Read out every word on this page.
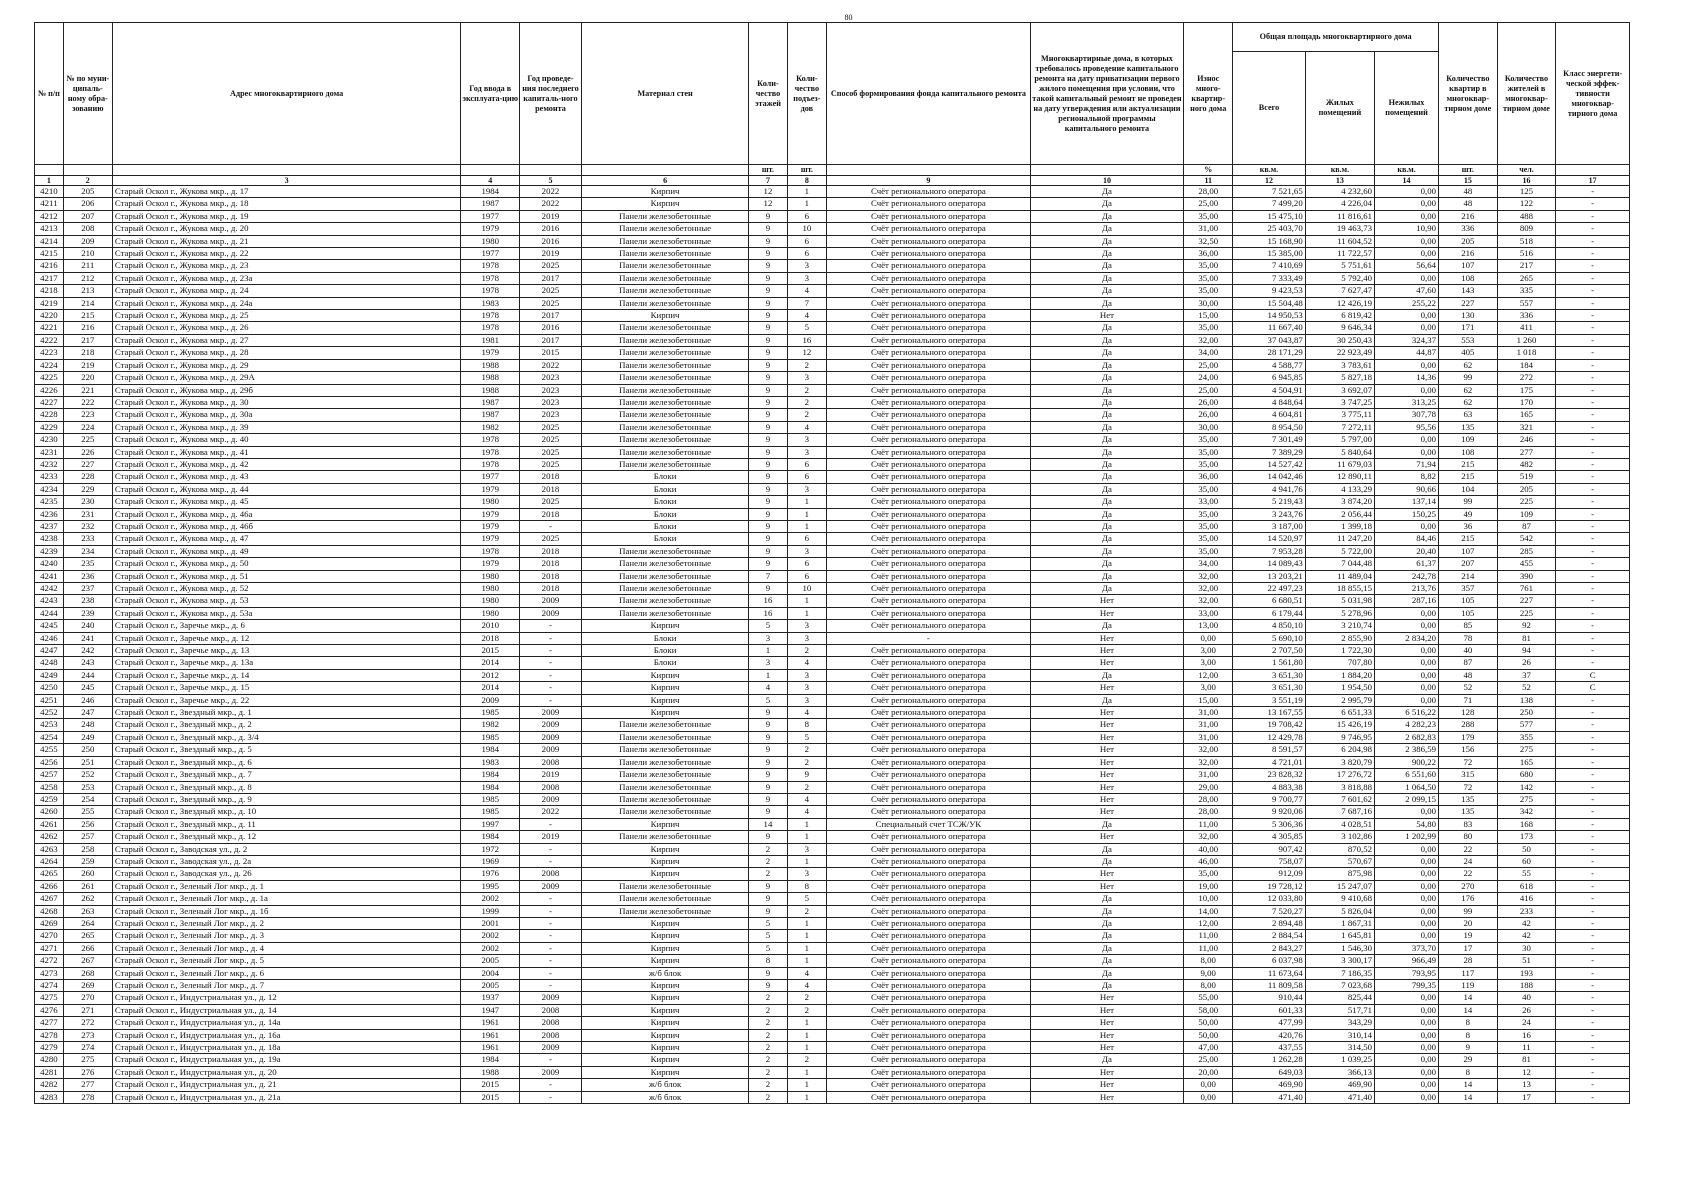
80
№ п/п	№ по муни-ципаль-ному обра-зованию	Адрес многоквартирного дома	Год ввода в эксплуата-цию	Год проведе-ния последнего капиталь-ного ремонта	Материал стен	Коли-чество этажей	Коли-чество подъез-дов	Способ формирования фонда капитального ремонта	Многоквартирные дома, в которых требовалось проведение капитального ремонта на дату приватизации первого жилого помещения при условии, что такой капитальный ремонт не проведен на дату утверждения или актуализации региональной программы капитального ремонта	Износ много-квартир-ного дома	Общая площадь многоквартирного дома			Количество квартир в многоквар-тирном доме	Количество жителей в многоквар-тирном доме	Класс энергети-ческой эффек-тивности многоквар-тирного дома
											Всего	Жилых помещений	Нежилых помещений			
						шт.	шт.			%	кв.м.	кв.м.	кв.м.	шт.	чел.	
1	2	3	4	5	6	7	8	9	10	11	12	13	14	15	16	17
4210	205	Старый Оскол г., Жукова мкр., д. 17	1984	2022	Кирпич	12	1	Счёт регионального оператора	Да	28,00	7 521,65	4 232,60	0,00	48	125	-
4211	206	Старый Оскол г., Жукова мкр., д. 18	1987	2022	Кирпич	12	1	Счёт регионального оператора	Да	25,00	7 499,20	4 226,04	0,00	48	122	-
4212	207	Старый Оскол г., Жукова мкр., д. 19	1977	2019	Панели железобетонные	9	6	Счёт регионального оператора	Да	35,00	15 475,10	11 816,61	0,00	216	488	-
4213	208	Старый Оскол г., Жукова мкр., д. 20	1979	2016	Панели железобетонные	9	10	Счёт регионального оператора	Да	31,00	25 403,70	19 463,73	10,90	336	809	-
4214	209	Старый Оскол г., Жукова мкр., д. 21	1980	2016	Панели железобетонные	9	6	Счёт регионального оператора	Да	32,50	15 168,90	11 604,52	0,00	205	518	-
4215	210	Старый Оскол г., Жукова мкр., д. 22	1977	2019	Панели железобетонные	9	6	Счёт регионального оператора	Да	36,00	15 385,00	11 722,57	0,00	216	516	-
4216	211	Старый Оскол г., Жукова мкр., д. 23	1978	2025	Панели железобетонные	9	3	Счёт регионального оператора	Да	35,00	7 410,69	5 751,61	56,64	107	217	-
4217	212	Старый Оскол г., Жукова мкр., д. 23а	1978	2017	Панели железобетонные	9	3	Счёт регионального оператора	Да	35,00	7 333,49	5 792,40	0,00	108	265	-
4218	213	Старый Оскол г., Жукова мкр., д. 24	1978	2025	Панели железобетонные	9	4	Счёт регионального оператора	Да	35,00	9 423,53	7 627,47	47,60	143	335	-
4219	214	Старый Оскол г., Жукова мкр., д. 24а	1983	2025	Панели железобетонные	9	7	Счёт регионального оператора	Да	30,00	15 504,48	12 426,19	255,22	227	557	-
4220	215	Старый Оскол г., Жукова мкр., д. 25	1978	2017	Кирпич	9	4	Счёт регионального оператора	Нет	15,00	14 950,53	6 819,42	0,00	130	336	-
4221	216	Старый Оскол г., Жукова мкр., д. 26	1978	2016	Панели железобетонные	9	5	Счёт регионального оператора	Да	35,00	11 667,40	9 646,34	0,00	171	411	-
4222	217	Старый Оскол г., Жукова мкр., д. 27	1981	2017	Панели железобетонные	9	16	Счёт регионального оператора	Да	32,00	37 043,87	30 250,43	324,37	553	1 260	-
4223	218	Старый Оскол г., Жукова мкр., д. 28	1979	2015	Панели железобетонные	9	12	Счёт регионального оператора	Да	34,00	28 171,29	22 923,49	44,87	405	1 018	-
4224	219	Старый Оскол г., Жукова мкр., д. 29	1988	2022	Панели железобетонные	9	2	Счёт регионального оператора	Да	25,00	4 588,77	3 783,61	0,00	62	184	-
4225	220	Старый Оскол г., Жукова мкр., д. 29А	1988	2023	Панели железобетонные	9	3	Счёт регионального оператора	Да	24,00	6 945,85	5 827,18	14,36	99	272	-
4226	221	Старый Оскол г., Жукова мкр., д. 29б	1988	2023	Панели железобетонные	9	2	Счёт регионального оператора	Да	25,00	4 504,91	3 692,07	0,00	62	175	-
4227	222	Старый Оскол г., Жукова мкр., д. 30	1987	2023	Панели железобетонные	9	2	Счёт регионального оператора	Да	26,00	4 848,64	3 747,25	313,25	62	170	-
4228	223	Старый Оскол г., Жукова мкр., д. 30а	1987	2023	Панели железобетонные	9	2	Счёт регионального оператора	Да	26,00	4 604,81	3 775,11	307,78	63	165	-
4229	224	Старый Оскол г., Жукова мкр., д. 39	1982	2025	Панели железобетонные	9	4	Счёт регионального оператора	Да	30,00	8 954,50	7 272,11	95,56	135	321	-
4230	225	Старый Оскол г., Жукова мкр., д. 40	1978	2025	Панели железобетонные	9	3	Счёт регионального оператора	Да	35,00	7 301,49	5 797,00	0,00	109	246	-
4231	226	Старый Оскол г., Жукова мкр., д. 41	1978	2025	Панели железобетонные	9	3	Счёт регионального оператора	Да	35,00	7 389,29	5 840,64	0,00	108	277	-
4232	227	Старый Оскол г., Жукова мкр., д. 42	1978	2025	Панели железобетонные	9	6	Счёт регионального оператора	Да	35,00	14 527,42	11 679,03	71,94	215	482	-
4233	228	Старый Оскол г., Жукова мкр., д. 43	1977	2018	Блоки	9	6	Счёт регионального оператора	Да	36,00	14 042,46	12 890,11	8,82	215	519	-
4234	229	Старый Оскол г., Жукова мкр., д. 44	1979	2018	Блоки	9	3	Счёт регионального оператора	Да	35,00	4 941,76	4 133,29	90,66	104	205	-
4235	230	Старый Оскол г., Жукова мкр., д. 45	1980	2025	Блоки	9	1	Счёт регионального оператора	Да	33,00	5 219,43	3 874,20	137,14	99	225	-
4236	231	Старый Оскол г., Жукова мкр., д. 46а	1979	2018	Блоки	9	1	Счёт регионального оператора	Да	35,00	3 243,76	2 056,44	150,25	49	109	-
4237	232	Старый Оскол г., Жукова мкр., д. 46б	1979	-	Блоки	9	1	Счёт регионального оператора	Да	35,00	3 187,00	1 399,18	0,00	36	87	-
4238	233	Старый Оскол г., Жукова мкр., д. 47	1979	2025	Блоки	9	6	Счёт регионального оператора	Да	35,00	14 520,97	11 247,20	84,46	215	542	-
4239	234	Старый Оскол г., Жукова мкр., д. 49	1978	2018	Панели железобетонные	9	3	Счёт регионального оператора	Да	35,00	7 953,28	5 722,00	20,40	107	285	-
4240	235	Старый Оскол г., Жукова мкр., д. 50	1979	2018	Панели железобетонные	9	6	Счёт регионального оператора	Да	34,00	14 089,43	7 044,48	61,37	207	455	-
4241	236	Старый Оскол г., Жукова мкр., д. 51	1980	2018	Панели железобетонные	7	6	Счёт регионального оператора	Да	32,00	13 203,21	11 489,04	242,78	214	390	-
4242	237	Старый Оскол г., Жукова мкр., д. 52	1980	2018	Панели железобетонные	9	10	Счёт регионального оператора	Да	32,00	22 497,23	18 855,15	213,76	357	761	-
4243	238	Старый Оскол г., Жукова мкр., д. 53	1980	2009	Панели железобетонные	16	1	Счёт регионального оператора	Нет	32,00	6 680,51	5 031,98	287,16	105	227	-
4244	239	Старый Оскол г., Жукова мкр., д. 53а	1980	2009	Панели железобетонные	16	1	Счёт регионального оператора	Нет	33,00	6 179,44	5 278,96	0,00	105	225	-
4245	240	Старый Оскол г., Заречье мкр., д. 6	2010	-	Кирпич	5	3	Счёт регионального оператора	Да	13,00	4 850,10	3 210,74	0,00	85	92	-
4246	241	Старый Оскол г., Заречье мкр., д. 12	2018	-	Блоки	3	3	-	Нет	0,00	5 690,10	2 855,90	2 834,20	78	81	-
4247	242	Старый Оскол г., Заречье мкр., д. 13	2015	-	Блоки	1	2	Счёт регионального оператора	Нет	3,00	2 707,50	1 722,30	0,00	40	94	-
4248	243	Старый Оскол г., Заречье мкр., д. 13а	2014	-	Блоки	3	4	Счёт регионального оператора	Нет	3,00	1 561,80	707,80	0,00	87	26	-
4249	244	Старый Оскол г., Заречье мкр., д. 14	2012	-	Кирпич	1	3	Счёт регионального оператора	Да	12,00	3 651,30	1 884,20	0,00	48	37	C
4250	245	Старый Оскол г., Заречье мкр., д. 15	2014	-	Кирпич	4	3	Счёт регионального оператора	Нет	3,00	3 651,30	1 954,50	0,00	52	52	C
4251	246	Старый Оскол г., Заречье мкр., д. 22	2009	-	Кирпич	5	3	Счёт регионального оператора	Да	15,00	3 551,19	2 995,79	0,00	71	138	-
4252	247	Старый Оскол г., Звездный мкр., д. 1	1985	2009	Кирпич	9	4	Счёт регионального оператора	Нет	31,00	13 167,55	6 651,33	6 516,22	128	250	-
4253	248	Старый Оскол г., Звездный мкр., д. 2	1982	2009	Панели железобетонные	9	8	Счёт регионального оператора	Нет	31,00	19 708,42	15 426,19	4 282,23	288	577	-
4254	249	Старый Оскол г., Звездный мкр., д. 3/4	1985	2009	Панели железобетонные	9	5	Счёт регионального оператора	Нет	31,00	12 429,78	9 746,95	2 682,83	179	355	-
4255	250	Старый Оскол г., Звездный мкр., д. 5	1984	2009	Панели железобетонные	9	2	Счёт регионального оператора	Нет	32,00	8 591,57	6 204,98	2 386,59	156	275	-
4256	251	Старый Оскол г., Звездный мкр., д. 6	1983	2008	Панели железобетонные	9	2	Счёт регионального оператора	Нет	32,00	4 721,01	3 820,79	900,22	72	165	-
4257	252	Старый Оскол г., Звездный мкр., д. 7	1984	2019	Панели железобетонные	9	9	Счёт регионального оператора	Нет	31,00	23 828,32	17 276,72	6 551,60	315	680	-
4258	253	Старый Оскол г., Звездный мкр., д. 8	1984	2008	Панели железобетонные	9	2	Счёт регионального оператора	Нет	29,00	4 883,38	3 818,88	1 064,50	72	142	-
4259	254	Старый Оскол г., Звездный мкр., д. 9	1985	2009	Панели железобетонные	9	4	Счёт регионального оператора	Нет	28,00	9 700,77	7 601,62	2 099,15	135	275	-
4260	255	Старый Оскол г., Звездный мкр., д. 10	1985	2022	Панели железобетонные	9	4	Счёт регионального оператора	Нет	28,00	9 920,06	7 687,16	0,00	135	342	-
4261	256	Старый Оскол г., Звездный мкр., д. 11	1997	-	Кирпич	14	1	Специальный счет ТСЖ/УК	Да	11,00	5 306,36	4 028,51	54,80	83	168	-
4262	257	Старый Оскол г., Звездный мкр., д. 12	1984	2019	Панели железобетонные	9	1	Счёт регионального оператора	Нет	32,00	4 305,85	3 102,86	1 202,99	80	173	-
4263	258	Старый Оскол г., Заводская ул., д. 2	1972	-	Кирпич	2	3	Счёт регионального оператора	Да	40,00	907,42	870,52	0,00	22	50	-
4264	259	Старый Оскол г., Заводская ул., д. 2а	1969	-	Кирпич	2	1	Счёт регионального оператора	Да	46,00	758,07	570,67	0,00	24	60	-
4265	260	Старый Оскол г., Заводская ул., д. 26	1976	2008	Кирпич	2	3	Счёт регионального оператора	Нет	35,00	912,09	875,98	0,00	22	55	-
4266	261	Старый Оскол г., Зеленый Лог мкр., д. 1	1995	2009	Панели железобетонные	9	8	Счёт регионального оператора	Нет	19,00	19 728,12	15 247,07	0,00	270	618	-
4267	262	Старый Оскол г., Зеленый Лог мкр., д. 1а	2002	-	Панели железобетонные	9	5	Счёт регионального оператора	Да	10,00	12 033,80	9 410,68	0,00	176	416	-
4268	263	Старый Оскол г., Зеленый Лог мкр., д. 1б	1999	-	Панели железобетонные	9	2	Счёт регионального оператора	Да	14,00	7 520,27	5 826,04	0,00	99	233	-
4269	264	Старый Оскол г., Зеленый Лог мкр., д. 2	2001	-	Кирпич	5	1	Счёт регионального оператора	Да	12,00	2 894,48	1 867,31	0,00	20	42	-
4270	265	Старый Оскол г., Зеленый Лог мкр., д. 3	2002	-	Кирпич	5	1	Счёт регионального оператора	Да	11,00	2 884,54	1 645,81	0,00	19	42	-
4271	266	Старый Оскол г., Зеленый Лог мкр., д. 4	2002	-	Кирпич	5	1	Счёт регионального оператора	Да	11,00	2 843,27	1 546,30	373,70	17	30	-
4272	267	Старый Оскол г., Зеленый Лог мкр., д. 5	2005	-	Кирпич	8	1	Счёт регионального оператора	Да	8,00	6 037,98	3 300,17	966,49	28	51	-
4273	268	Старый Оскол г., Зеленый Лог мкр., д. 6	2004	-	ж/б блок	9	4	Счёт регионального оператора	Да	9,00	11 673,64	7 186,35	793,95	117	193	-
4274	269	Старый Оскол г., Зеленый Лог мкр., д. 7	2005	-	Кирпич	9	4	Счёт регионального оператора	Да	8,00	11 809,58	7 023,68	799,35	119	188	-
4275	270	Старый Оскол г., Индустриальная ул., д. 12	1937	2009	Кирпич	2	2	Счёт регионального оператора	Нет	55,00	910,44	825,44	0,00	14	40	-
4276	271	Старый Оскол г., Индустриальная ул., д. 14	1947	2008	Кирпич	2	2	Счёт регионального оператора	Нет	58,00	601,33	517,71	0,00	14	26	-
4277	272	Старый Оскол г., Индустриальная ул., д. 14а	1961	2008	Кирпич	2	1	Счёт регионального оператора	Нет	50,00	477,99	343,29	0,00	8	24	-
4278	273	Старый Оскол г., Индустриальная ул., д. 16а	1961	2008	Кирпич	2	1	Счёт регионального оператора	Нет	50,00	420,76	310,14	0,00	8	16	-
4279	274	Старый Оскол г., Индустриальная ул., д. 18а	1961	2009	Кирпич	2	1	Счёт регионального оператора	Нет	47,00	437,55	314,50	0,00	9	11	-
4280	275	Старый Оскол г., Индустриальная ул., д. 19а	1984	-	Кирпич	2	2	Счёт регионального оператора	Да	25,00	1 262,28	1 039,25	0,00	29	81	-
4281	276	Старый Оскол г., Индустриальная ул., д. 20	1988	2009	Кирпич	2	1	Счёт регионального оператора	Нет	20,00	649,03	366,13	0,00	8	12	-
4282	277	Старый Оскол г., Индустриальная ул., д. 21	2015	-	ж/б блок	2	1	Счёт регионального оператора	Нет	0,00	469,90	469,90	0,00	14	13	-
4283	278	Старый Оскол г., Индустриальная ул., д. 21а	2015	-	ж/б блок	2	1	Счёт регионального оператора	Нет	0,00	471,40	471,40	0,00	14	17	-
